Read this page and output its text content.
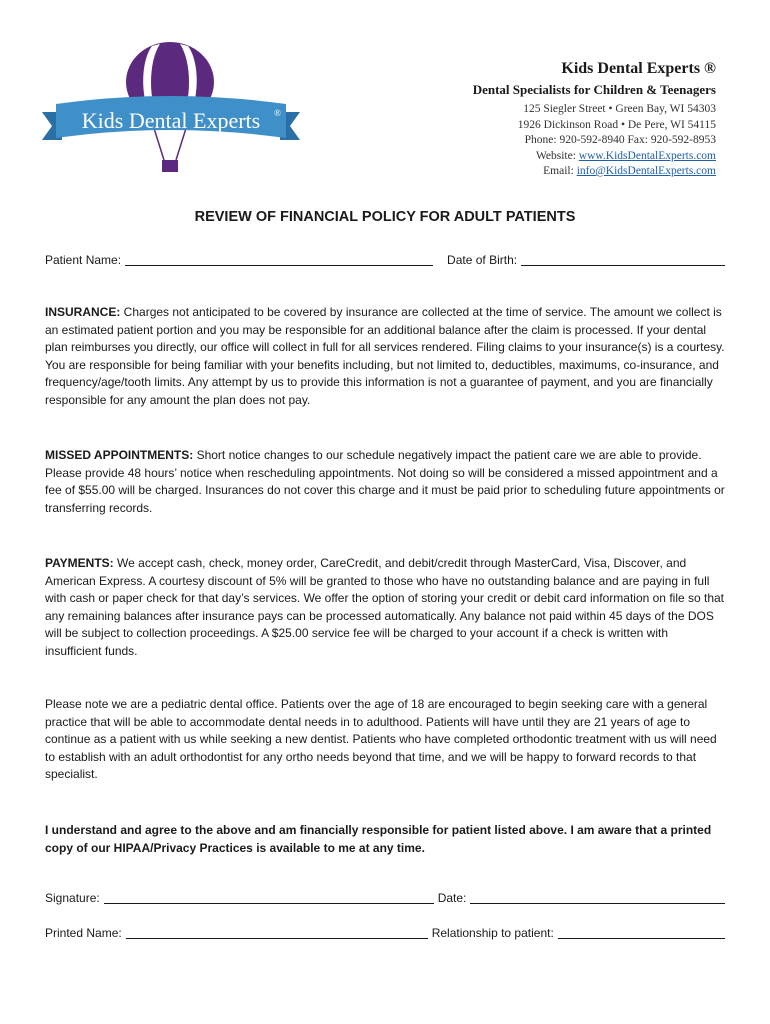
Kids Dental Experts ®
Kids Dental Experts ®
Dental Specialists for Children & Teenagers
125 Siegler Street • Green Bay, WI 54303
1926 Dickinson Road • De Pere, WI 54115
Phone: 920-592-8940 Fax: 920-592-8953
Website: www.KidsDentalExperts.com
Email: info@KidsDentalExperts.com
REVIEW OF FINANCIAL POLICY FOR ADULT PATIENTS
Patient Name:	Date of Birth:
INSURANCE: Charges not anticipated to be covered by insurance are collected at the time of service. The amount we collect is an estimated patient portion and you may be responsible for an additional balance after the claim is processed. If your dental plan reimburses you directly, our office will collect in full for all services rendered. Filing claims to your insurance(s) is a courtesy. You are responsible for being familiar with your benefits including, but not limited to, deductibles, maximums, co-insurance, and frequency/age/tooth limits. Any attempt by us to provide this information is not a guarantee of payment, and you are financially responsible for any amount the plan does not pay.
MISSED APPOINTMENTS: Short notice changes to our schedule negatively impact the patient care we are able to provide. Please provide 48 hours’ notice when rescheduling appointments. Not doing so will be considered a missed appointment and a fee of $55.00 will be charged. Insurances do not cover this charge and it must be paid prior to scheduling future appointments or transferring records.
PAYMENTS: We accept cash, check, money order, CareCredit, and debit/credit through MasterCard, Visa, Discover, and American Express. A courtesy discount of 5% will be granted to those who have no outstanding balance and are paying in full with cash or paper check for that day’s services. We offer the option of storing your credit or debit card information on file so that any remaining balances after insurance pays can be processed automatically. Any balance not paid within 45 days of the DOS will be subject to collection proceedings. A $25.00 service fee will be charged to your account if a check is written with insufficient funds.
Please note we are a pediatric dental office. Patients over the age of 18 are encouraged to begin seeking care with a general practice that will be able to accommodate dental needs in to adulthood. Patients will have until they are 21 years of age to continue as a patient with us while seeking a new dentist. Patients who have completed orthodontic treatment with us will need to establish with an adult orthodontist for any ortho needs beyond that time, and we will be happy to forward records to that specialist.
I understand and agree to the above and am financially responsible for patient listed above. I am aware that a printed copy of our HIPAA/Privacy Practices is available to me at any time.
Signature:	Date:
Printed Name:	Relationship to patient:
